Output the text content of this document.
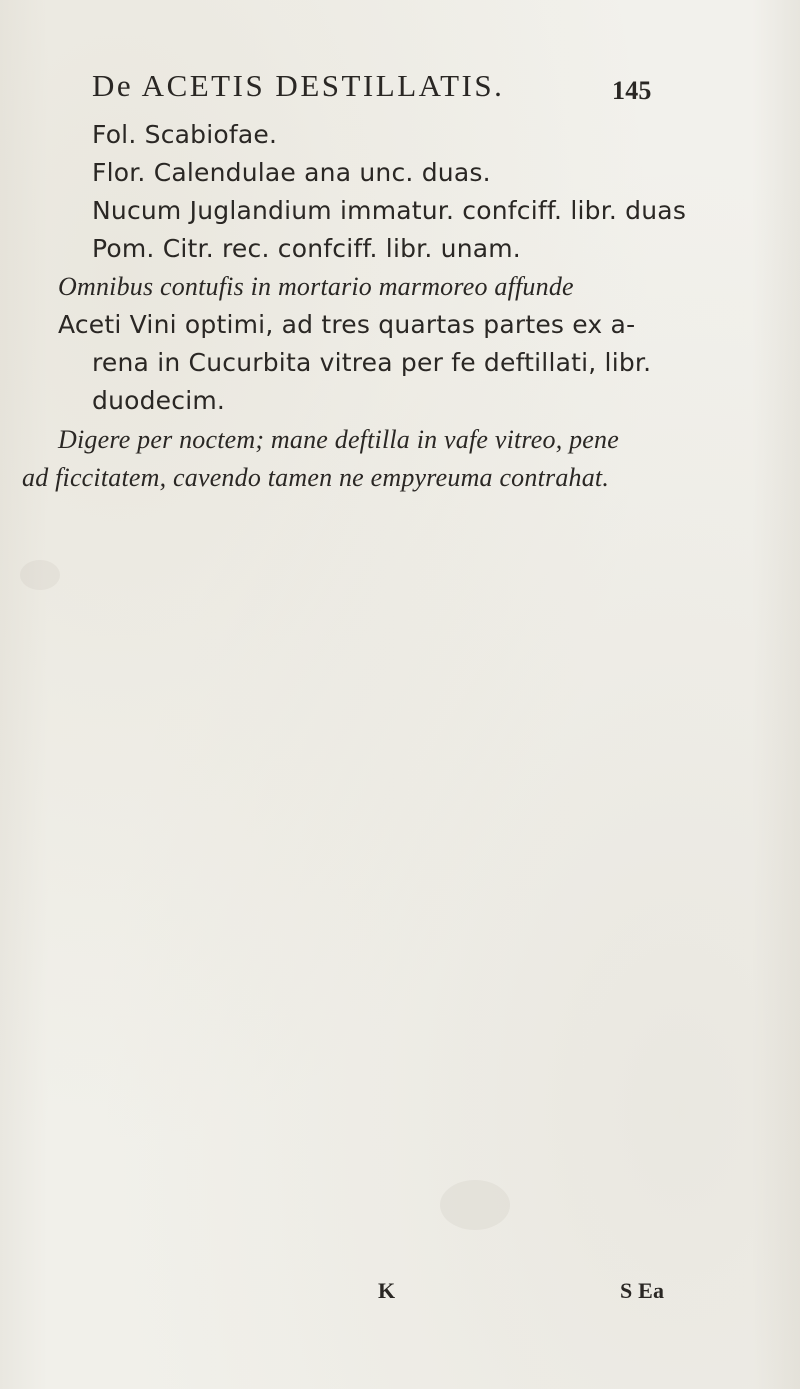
De ACETIS DESTILLATIS.	145
Fol. Scabiofae.
Flor. Calendulae ana unc. duas.
Nucum Juglandium immatur. confciff. libr. duas
Pom. Citr. rec. confciff. libr. unam.
Omnibus contufis in mortario marmoreo affunde
Aceti Vini optimi, ad tres quartas partes ex a-
rena in Cucurbita vitrea per fe deftillati, libr.
duodecim.
Digere per noctem; mane deftilla in vafe vitreo, pene
ad ficcitatem, cavendo tamen ne empyreuma contrahat.
K	S Ea
